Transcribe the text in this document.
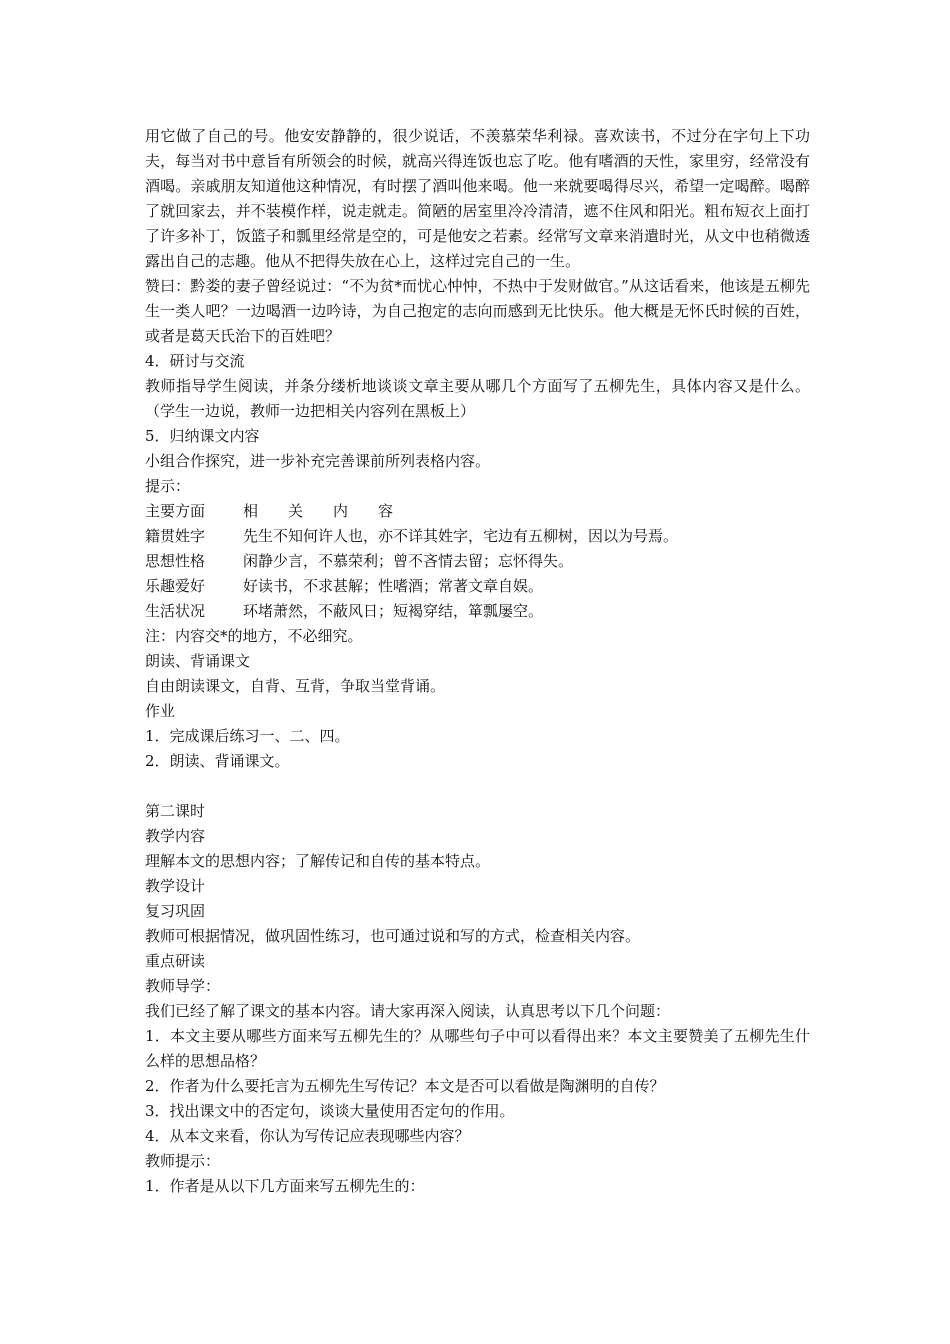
用它做了自己的号。他安安静静的，很少说话，不羡慕荣华利禄。喜欢读书，不过分在字句上下功夫，每当对书中意旨有所领会的时候，就高兴得连饭也忘了吃。他有嗜酒的天性，家里穷，经常没有酒喝。亲戚朋友知道他这种情况，有时摆了酒叫他来喝。他一来就要喝得尽兴，希望一定喝醉。喝醉了就回家去，并不装模作样，说走就走。简陋的居室里冷冷清清，遮不住风和阳光。粗布短衣上面打了许多补丁，饭篮子和瓢里经常是空的，可是他安之若素。经常写文章来消遣时光，从文中也稍微透露出自己的志趣。他从不把得失放在心上，这样过完自己的一生。
赞曰：黔娄的妻子曾经说过：“不为贫*而忧心忡忡，不热中于发财做官。”从这话看来，他该是五柳先生一类人吧？一边喝酒一边吟诗，为自己抱定的志向而感到无比快乐。他大概是无怀氏时候的百姓，或者是葛天氏治下的百姓吧？
4．研讨与交流
教师指导学生阅读，并条分缕析地谈谈文章主要从哪几个方面写了五柳先生，具体内容又是什么。（学生一边说，教师一边把相关内容列在黑板上）
5．归纳课文内容
小组合作探究，进一步补充完善课前所列表格内容。
提示：
主要方面	相　　关　　内　　容
籍贯姓字	先生不知何许人也，亦不详其姓字，宅边有五柳树，因以为号焉。
思想性格	闲静少言，不慕荣利；曾不吝情去留；忘怀得失。
乐趣爱好	好读书，不求甚解；性嗜酒；常著文章自娱。
生活状况	环堵萧然，不蔽风日；短褐穿结，箪瓢屡空。
注：内容交*的地方，不必细究。
朗读、背诵课文
自由朗读课文，自背、互背，争取当堂背诵。
作业
1．完成课后练习一、二、四。
2．朗读、背诵课文。
第二课时
教学内容
理解本文的思想内容；了解传记和自传的基本特点。
教学设计
复习巩固
教师可根据情况，做巩固性练习，也可通过说和写的方式，检查相关内容。
重点研读
教师导学：
我们已经了解了课文的基本内容。请大家再深入阅读，认真思考以下几个问题：
1．本文主要从哪些方面来写五柳先生的？从哪些句子中可以看得出来？本文主要赞美了五柳先生什么样的思想品格？
2．作者为什么要托言为五柳先生写传记？本文是否可以看做是陶渊明的自传？
3．找出课文中的否定句，谈谈大量使用否定句的作用。
4．从本文来看，你认为写传记应表现哪些内容？
教师提示：
1．作者是从以下几方面来写五柳先生的：
